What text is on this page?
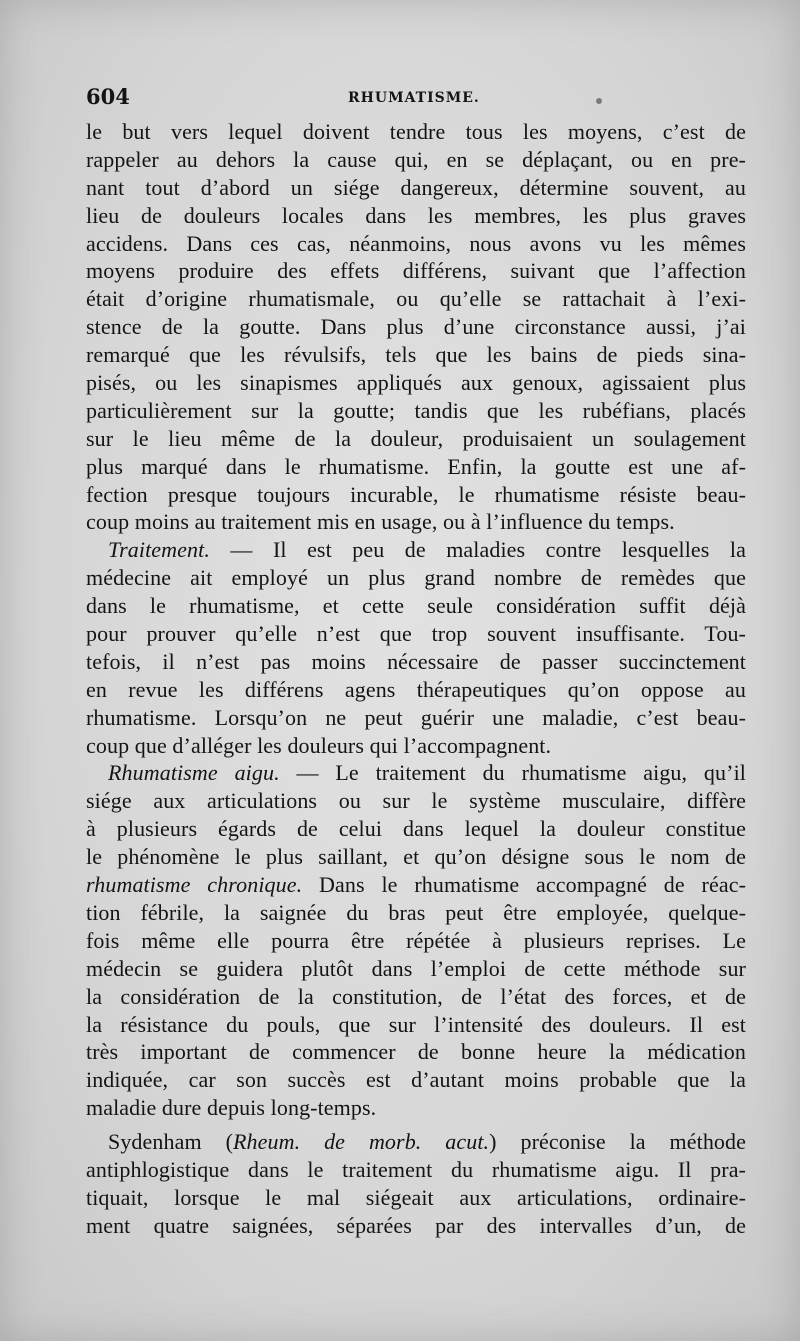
604	RHUMATISME.
le but vers lequel doivent tendre tous les moyens, c’est de
rappeler au dehors la cause qui, en se déplaçant, ou en pre-
nant tout d’abord un siége dangereux, détermine souvent, au
lieu de douleurs locales dans les membres, les plus graves
accidens. Dans ces cas, néanmoins, nous avons vu les mêmes
moyens produire des effets différens, suivant que l’affection
était d’origine rhumatismale, ou qu’elle se rattachait à l’exi-
stence de la goutte. Dans plus d’une circonstance aussi, j’ai
remarqué que les révulsifs, tels que les bains de pieds sina-
pisés, ou les sinapismes appliqués aux genoux, agissaient plus
particulièrement sur la goutte; tandis que les rubéfians, placés
sur le lieu même de la douleur, produisaient un soulagement
plus marqué dans le rhumatisme. Enfin, la goutte est une af-
fection presque toujours incurable, le rhumatisme résiste beau-
coup moins au traitement mis en usage, ou à l’influence du temps.
Traitement. — Il est peu de maladies contre lesquelles la
médecine ait employé un plus grand nombre de remèdes que
dans le rhumatisme, et cette seule considération suffit déjà
pour prouver qu’elle n’est que trop souvent insuffisante. Tou-
tefois, il n’est pas moins nécessaire de passer succinctement
en revue les différens agens thérapeutiques qu’on oppose au
rhumatisme. Lorsqu’on ne peut guérir une maladie, c’est beau-
coup que d’alléger les douleurs qui l’accompagnent.
Rhumatisme aigu. — Le traitement du rhumatisme aigu, qu’il
siége aux articulations ou sur le système musculaire, diffère
à plusieurs égards de celui dans lequel la douleur constitue
le phénomène le plus saillant, et qu’on désigne sous le nom de
rhumatisme chronique. Dans le rhumatisme accompagné de réac-
tion fébrile, la saignée du bras peut être employée, quelque-
fois même elle pourra être répétée à plusieurs reprises. Le
médecin se guidera plutôt dans l’emploi de cette méthode sur
la considération de la constitution, de l’état des forces, et de
la résistance du pouls, que sur l’intensité des douleurs. Il est
très important de commencer de bonne heure la médication
indiquée, car son succès est d’autant moins probable que la
maladie dure depuis long-temps.
Sydenham (Rheum. de morb. acut.) préconise la méthode
antiphlogistique dans le traitement du rhumatisme aigu. Il pra-
tiquait, lorsque le mal siégeait aux articulations, ordinaire-
ment quatre saignées, séparées par des intervalles d’un, de
